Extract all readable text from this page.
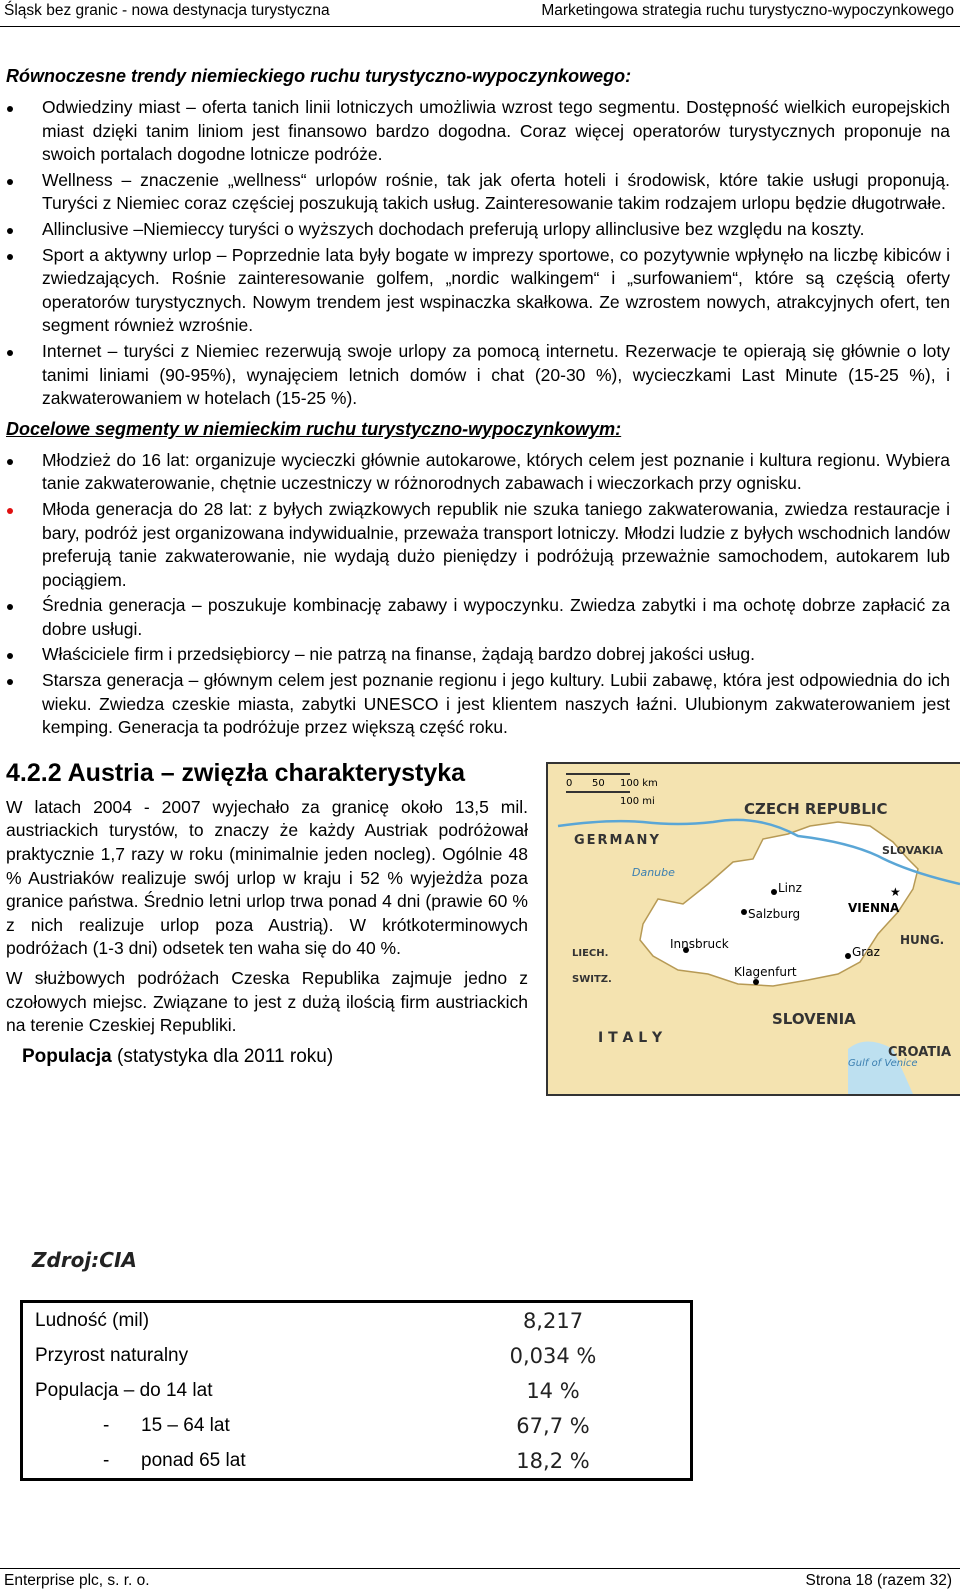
Śląsk bez granic - nowa destynacja turystyczna	Marketingowa strategia ruchu turystyczno-wypoczynkowego

Równoczesne trendy niemieckiego ruchu turystyczno-wypoczynkowego:

Odwiedziny miast – oferta tanich linii lotniczych umożliwia wzrost tego segmentu. Dostępność wielkich europejskich miast dzięki tanim liniom jest finansowo bardzo dogodna. Coraz więcej operatorów turystycznych proponuje na swoich portalach dogodne lotnicze podróże.
Wellness – znaczenie „wellness“ urlopów rośnie, tak jak oferta hoteli i środowisk, które takie usługi proponują. Turyści z Niemiec coraz częściej poszukują takich usług. Zainteresowanie takim rodzajem urlopu będzie długotrwałe.
Allinclusive –Niemieccy turyści o wyższych dochodach preferują urlopy allinclusive bez względu na koszty.
Sport a aktywny urlop – Poprzednie lata były bogate w imprezy sportowe, co pozytywnie wpłynęło na liczbę kibiców i zwiedzających. Rośnie zainteresowanie golfem, „nordic walkingem“ i „surfowaniem“, które są częścią oferty operatorów turystycznych. Nowym trendem jest wspinaczka skałkowa. Ze wzrostem nowych, atrakcyjnych ofert, ten segment również wzrośnie.
Internet – turyści z Niemiec rezerwują swoje urlopy za pomocą internetu. Rezerwacje te opierają się głównie o loty tanimi liniami (90-95%), wynajęciem letnich domów i chat (20-30 %), wycieczkami Last Minute (15-25 %), i zakwaterowaniem w hotelach (15-25 %).

Docelowe segmenty w niemieckim ruchu turystyczno-wypoczynkowym:

Młodzież do 16 lat: organizuje wycieczki głównie autokarowe, których celem jest poznanie i kultura regionu. Wybiera tanie zakwaterowanie, chętnie uczestniczy w różnorodnych zabawach i wieczorkach przy ognisku.
Młoda generacja do 28 lat: z byłych związkowych republik nie szuka taniego zakwaterowania, zwiedza restauracje i bary, podróż jest organizowana indywidualnie, przeważa transport lotniczy. Młodzi ludzie z byłych wschodnich landów preferują tanie zakwaterowanie, nie wydają dużo pieniędzy i podróżują przeważnie samochodem, autokarem lub pociągiem.
Średnia generacja – poszukuje kombinację zabawy i wypoczynku. Zwiedza zabytki i ma ochotę dobrze zapłacić za dobre usługi.
Właściciele firm i przedsiębiorcy – nie patrzą na finanse, żądają bardzo dobrej jakości usług.
Starsza generacja – głównym celem jest poznanie regionu i jego kultury. Lubii zabawę, która jest odpowiednia do ich wieku. Zwiedza czeskie miasta, zabytki UNESCO i jest klientem naszych łaźni. Ulubionym zakwaterowaniem jest kemping. Generacja ta podróżuje przez większą część roku.

4.2.2 Austria – zwięzła charakterystyka

W latach 2004 - 2007 wyjechało za granicę około 13,5 mil. austriackich turystów, to znaczy że każdy Austriak podróżował praktycznie 1,7 razy w roku (minimalnie jeden nocleg). Ogólnie 48 % Austriaków realizuje swój urlop w kraju i 52 % wyjeżdża poza granice państwa. Średnio letni urlop trwa ponad 4 dni (prawie 60 % z nich realizuje urlop poza Austrią). W krótkoterminowych podróżach (1-3 dni) odsetek ten waha się do 40 %.

W służbowych podróżach Czeska Republika zajmuje jedno z czołowych miejsc. Związane to jest z dużą ilością firm austriackich na terenie Czeskiej Republiki.

Populacja (statystyka dla 2011 roku)

0 50 100 km
100 mi	CZECH REPUBLIC
GERMANY
SLOVAKIA
HUNG.
SLOVENIA
CROATIA
I T A L Y
LIECH.
SWITZ.
Danube
Gulf of Venice
Linz
Salzburg
★
VIENNA
Innsbruck
Graz
Klagenfurt
Zdroj:CIA
Ludność (mil)	8,217
Przyrost naturalny	0,034 %
Populacja – do 14 lat	14 %
- 15 – 64 lat	67,7 %
- ponad 65 lat	18,2 %
Enterprise plc, s. r. o.	Strona 18 (razem 32)
